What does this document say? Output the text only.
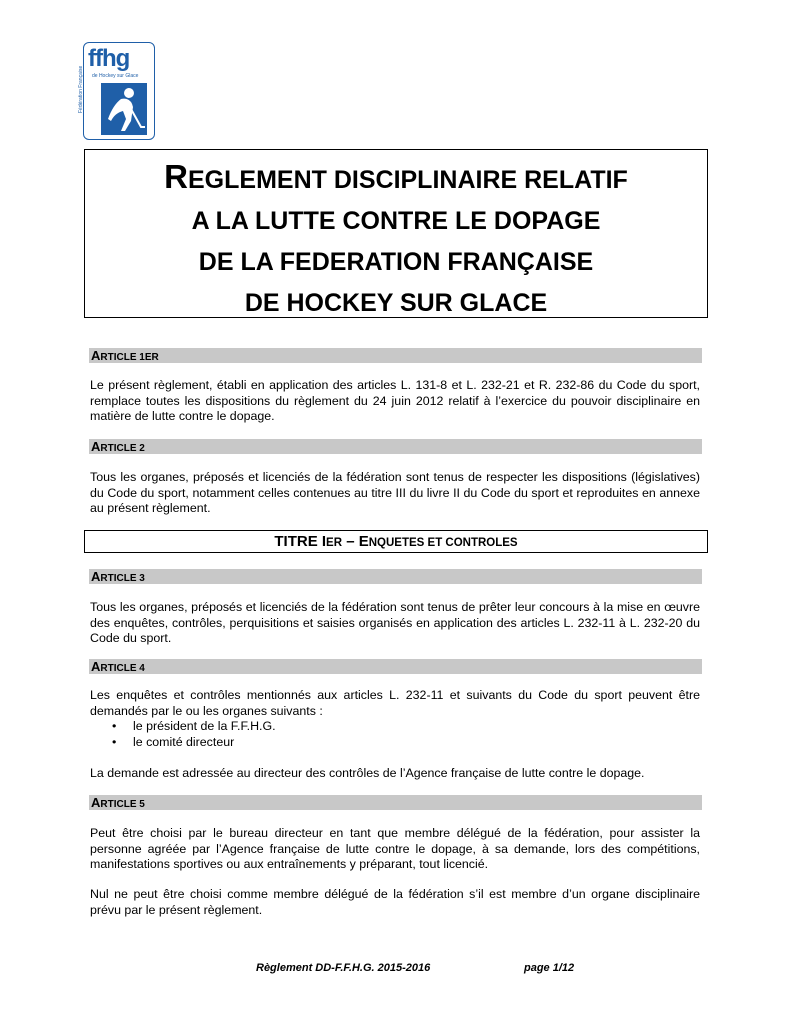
ffhg
de Hockey sur Glace
Fédération Française
REGLEMENT DISCIPLINAIRE RELATIF
A LA LUTTE CONTRE LE DOPAGE
DE LA FEDERATION FRANÇAISE
DE HOCKEY SUR GLACE
ARTICLE 1ER
Le présent règlement, établi en application des articles L. 131-8 et L. 232-21 et R. 232-86 du Code du sport, remplace toutes les dispositions du règlement du 24 juin 2012 relatif à l’exercice du pouvoir disciplinaire en matière de lutte contre le dopage.
ARTICLE 2
Tous les organes, préposés et licenciés de la fédération sont tenus de respecter les dispositions (législatives) du Code du sport, notamment celles contenues au titre III du livre II du Code du sport et reproduites en annexe au présent règlement.
TITRE IER – ENQUETES ET CONTROLES
ARTICLE 3
Tous les organes, préposés et licenciés de la fédération sont tenus de prêter leur concours à la mise en œuvre des enquêtes, contrôles, perquisitions et saisies organisés en application des articles L. 232-11 à L. 232-20 du Code du sport.
ARTICLE 4
Les enquêtes et contrôles mentionnés aux articles L. 232-11 et suivants du Code du sport peuvent être demandés par le ou les organes suivants :
• le président de la F.F.H.G.
• le comité directeur
La demande est adressée au directeur des contrôles de l’Agence française de lutte contre le dopage.
ARTICLE 5
Peut être choisi par le bureau directeur en tant que membre délégué de la fédération, pour assister la personne agréée par l’Agence française de lutte contre le dopage, à sa demande, lors des compétitions, manifestations sportives ou aux entraînements y préparant, tout licencié.
Nul ne peut être choisi comme membre délégué de la fédération s’il est membre d’un organe disciplinaire prévu par le présent règlement.
Règlement DD-F.F.H.G. 2015-2016	page 1/12
